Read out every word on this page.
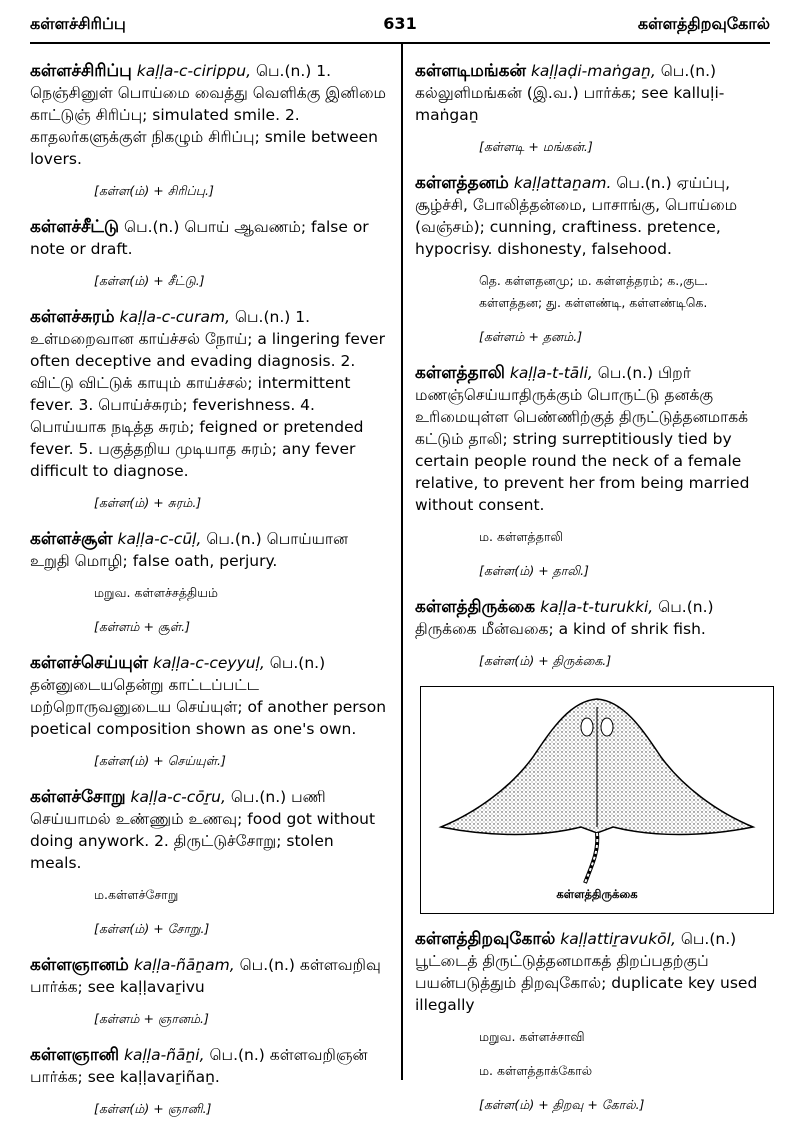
கள்ளச்சிரிப்பு	631	கள்ளத்திறவுகோல்
கள்ளச்சிரிப்பு kaḷḷa-c-cirippu, பெ.(n.) 1. நெஞ்சினுள் பொய்மை வைத்து வெளிக்கு இனிமை காட்டுஞ் சிரிப்பு; simulated smile. 2. காதலர்களுக்குள் நிகழும் சிரிப்பு; smile between lovers.
[கள்ள(ம்) + சிரிப்பு.]
கள்ளச்சீட்டு பெ.(n.) பொய் ஆவணம்; false or note or draft.
[கள்ள(ம்) + சீட்டு.]
கள்ளச்சுரம் kaḷḷa-c-curam, பெ.(n.) 1. உள்மறைவான காய்ச்சல் நோய்; a lingering fever often deceptive and evading diagnosis. 2. விட்டு விட்டுக் காயும் காய்ச்சல்; intermittent fever. 3. பொய்ச்சுரம்; feverishness. 4. பொய்யாக நடித்த சுரம்; feigned or pretended fever. 5. பகுத்தறிய முடியாத சுரம்; any fever difficult to diagnose.
[கள்ள(ம்) + சுரம்.]
கள்ளச்சூள் kaḷḷa-c-cūḷ, பெ.(n.) பொய்யான உறுதி மொழி; false oath, perjury.
மறுவ. கள்ளச்சத்தியம்
[கள்ளம் + சூள்.]
கள்ளச்செய்யுள் kaḷḷa-c-ceyyuḷ, பெ.(n.) தன்னுடையதென்று காட்டப்பட்ட மற்றொருவனுடைய செய்யுள்; of another person poetical composition shown as one's own.
[கள்ள(ம்) + செய்யுள்.]
கள்ளச்சோறு kaḷḷa-c-cōṟu, பெ.(n.) பணி செய்யாமல் உண்ணும் உணவு; food got without doing anywork. 2. திருட்டுச்சோறு; stolen meals.
ம.கள்ளச்சோறு
[கள்ள(ம்) + சோறு.]
கள்ளஞானம் kaḷḷa-ñāṉam, பெ.(n.) கள்ளவறிவு பார்க்க; see kaḷḷavaṟivu
[கள்ளம் + ஞானம்.]
கள்ளஞானி kaḷḷa-ñāṉi, பெ.(n.) கள்ளவறிஞன் பார்க்க; see kaḷḷavaṟiñaṉ.
[கள்ள(ம்) + ஞானி.]
கள்ளடிமங்கன் kaḷḷaḍi-maṅgaṉ, பெ.(n.) கல்லுளிமங்கன் (இ.வ.) பார்க்க; see kalluḷi-maṅgaṉ
[கள்ளடி + மங்கன்.]
கள்ளத்தனம் kaḷḷattaṉam. பெ.(n.) ஏய்ப்பு, சூழ்ச்சி, போலித்தன்மை, பாசாங்கு, பொய்மை (வஞ்சம்); cunning, craftiness. pretence, hypocrisy. dishonesty, falsehood.
தெ. கள்ளதனமு; ம. கள்ளத்தரம்; க.,குட. கள்ளத்தன; து. கள்ளண்டி, கள்ளண்டிகெ.
[கள்ளம் + தனம்.]
கள்ளத்தாலி kaḷḷa-t-tāli, பெ.(n.) பிறர் மணஞ்செய்யாதிருக்கும் பொருட்டு தனக்கு உரிமையுள்ள பெண்ணிற்குத் திருட்டுத்தனமாகக் கட்டும் தாலி; string surreptitiously tied by certain people round the neck of a female relative, to prevent her from being married without consent.
ம. கள்ளத்தாலி
[கள்ள(ம்) + தாலி.]
கள்ளத்திருக்கை kaḷḷa-t-turukki, பெ.(n.) திருக்கை மீன்வகை; a kind of shrik fish.
[கள்ள(ம்) + திருக்கை.]
கள்ளத்திருக்கை
கள்ளத்திறவுகோல் kaḷḷattiṟavukōl, பெ.(n.) பூட்டைத் திருட்டுத்தனமாகத் திறப்பதற்குப் பயன்படுத்தும் திறவுகோல்; duplicate key used illegally
மறுவ. கள்ளச்சாவி
ம. கள்ளத்தாக்கோல்
[கள்ள(ம்) + திறவு + கோல்.]
